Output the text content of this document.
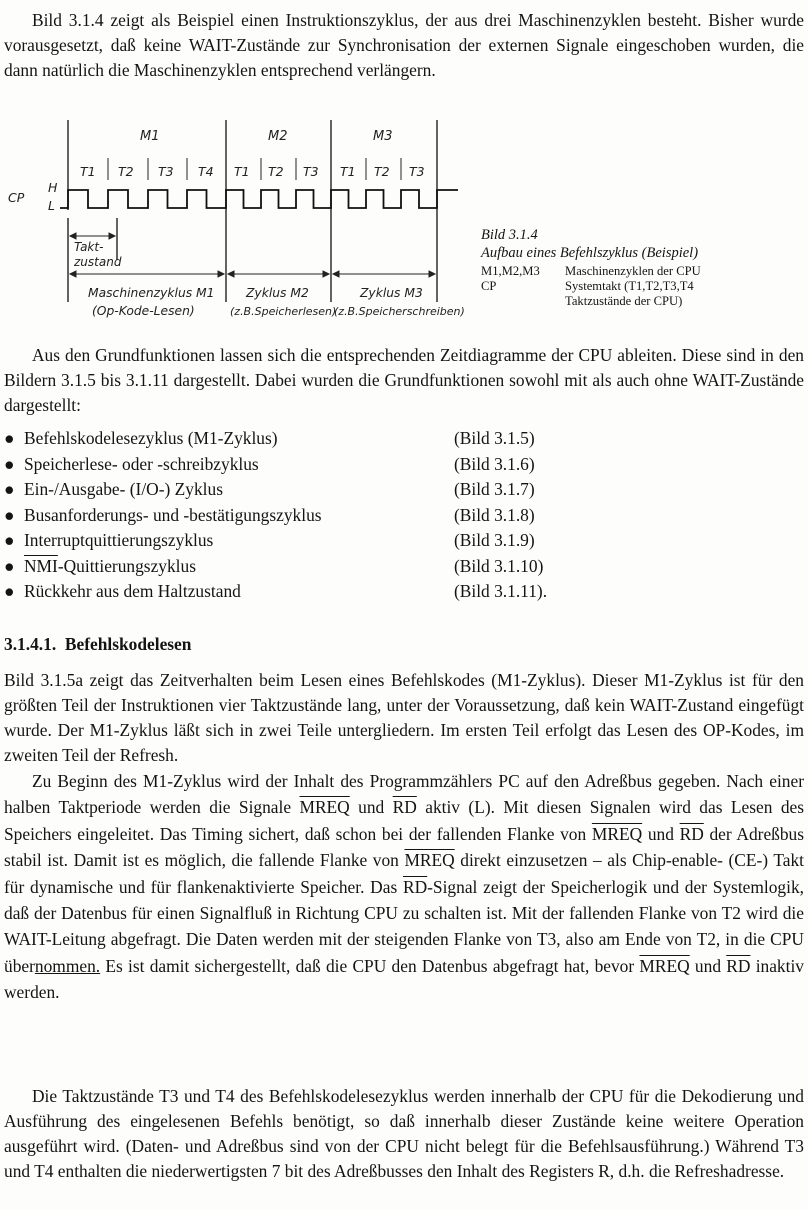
Bild 3.1.4 zeigt als Beispiel einen Instruktionszyklus, der aus drei Maschinenzyklen besteht. Bisher wurde vorausgesetzt, daß keine WAIT-Zustände zur Synchronisation der externen Signale eingeschoben wurden, die dann natürlich die Maschinenzyklen entsprechend verlängern.

M1	M2	M3
T1 T2 T3 T4 T1 T2 T3 T1 T2 T3
CP
H
L
Takt-
zustand
Maschinenzyklus M1
(Op-Kode-Lesen)
Zyklus M2
(z.B.Speicherlesen)
Zyklus M3
(z.B.Speicherschreiben)
Bild 3.1.4
Aufbau eines Befehlszyklus (Beispiel)
M1,M2,M3	Maschinenzyklen der CPU
CP	Systemtakt (T1,T2,T3,T4
Taktzustände der CPU)

Aus den Grundfunktionen lassen sich die entsprechenden Zeitdiagramme der CPU ableiten. Diese sind in den Bildern 3.1.5 bis 3.1.11 dargestellt. Dabei wurden die Grundfunktionen sowohl mit als auch ohne WAIT-Zustände dargestellt:

● Befehlskodelesezyklus (M1-Zyklus)	(Bild 3.1.5)
● Speicherlese- oder -schreibzyklus	(Bild 3.1.6)
● Ein-/Ausgabe- (I/O-) Zyklus	(Bild 3.1.7)
● Busanforderungs- und -bestätigungszyklus	(Bild 3.1.8)
● Interruptquittierungszyklus	(Bild 3.1.9)
● $\overline{NMI}$-Quittierungszyklus	(Bild 3.1.10)
● Rückkehr aus dem Haltzustand	(Bild 3.1.11).
3.1.4.1. Befehlskodelesen

Bild 3.1.5a zeigt das Zeitverhalten beim Lesen eines Befehlskodes (M1-Zyklus). Dieser M1-Zyklus ist für den größten Teil der Instruktionen vier Taktzustände lang, unter der Voraussetzung, daß kein WAIT-Zustand eingefügt wurde. Der M1-Zyklus läßt sich in zwei Teile untergliedern. Im ersten Teil erfolgt das Lesen des OP-Kodes, im zweiten Teil der Refresh.

Zu Beginn des M1-Zyklus wird der Inhalt des Programmzählers PC auf den Adreßbus gegeben. Nach einer halben Taktperiode werden die Signale MREQ und $\overline{RD}$ aktiv (L). Mit diesen Signalen wird das Lesen des Speichers eingeleitet. Das Timing sichert, daß schon bei der fallenden Flanke von MREQ und $\overline{RD}$ der Adreßbus stabil ist. Damit ist es möglich, die fallende Flanke von MREQ direkt einzusetzen – als Chip-enable- (CE-) Takt für dynamische und für flankenaktivierte Speicher. Das $\overline{RD}$-Signal zeigt der Speicherlogik und der Systemlogik, daß der Datenbus für einen Signalfluß in Richtung CPU zu schalten ist. Mit der fallenden Flanke von T2 wird die WAIT-Leitung abgefragt. Die Daten werden mit der steigenden Flanke von T3, also am Ende von T2, in die CPU übernommen. Es ist damit sichergestellt, daß die CPU den Datenbus abgefragt hat, bevor MREQ und $\overline{RD}$ inaktiv werden.

Die Taktzustände T3 und T4 des Befehlskodelesezyklus werden innerhalb der CPU für die Dekodierung und Ausführung des eingelesenen Befehls benötigt, so daß innerhalb dieser Zustände keine weitere Operation ausgeführt wird. (Daten- und Adreßbus sind von der CPU nicht belegt für die Befehlsausführung.) Während T3 und T4 enthalten die niederwertigsten 7 bit des Adreßbusses den Inhalt des Registers R, d.h. die Refreshadresse.
